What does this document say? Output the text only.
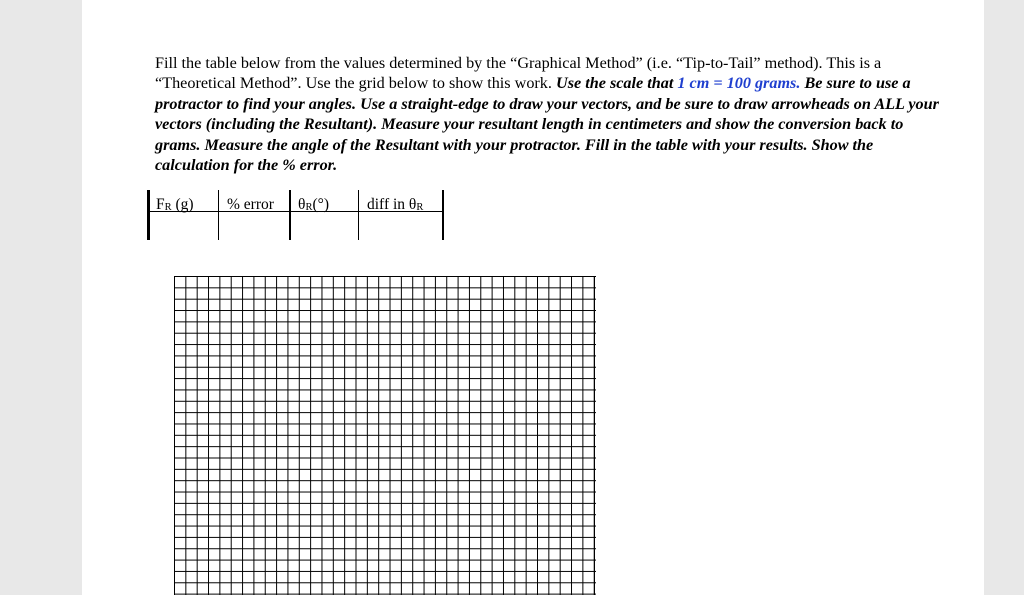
Fill the table below from the values determined by the “Graphical Method” (i.e. “Tip-to-Tail” method). This is a “Theoretical Method”. Use the grid below to show this work. Use the scale that 1 cm = 100 grams. Be sure to use a protractor to find your angles. Use a straight-edge to draw your vectors, and be sure to draw arrowheads on ALL your vectors (including the Resultant). Measure your resultant length in centimeters and show the conversion back to grams. Measure the angle of the Resultant with your protractor. Fill in the table with your results. Show the calculation for the % error.
$F_R$ (g) % error $\theta_R(^\circ)$ diff in $\theta_R$
